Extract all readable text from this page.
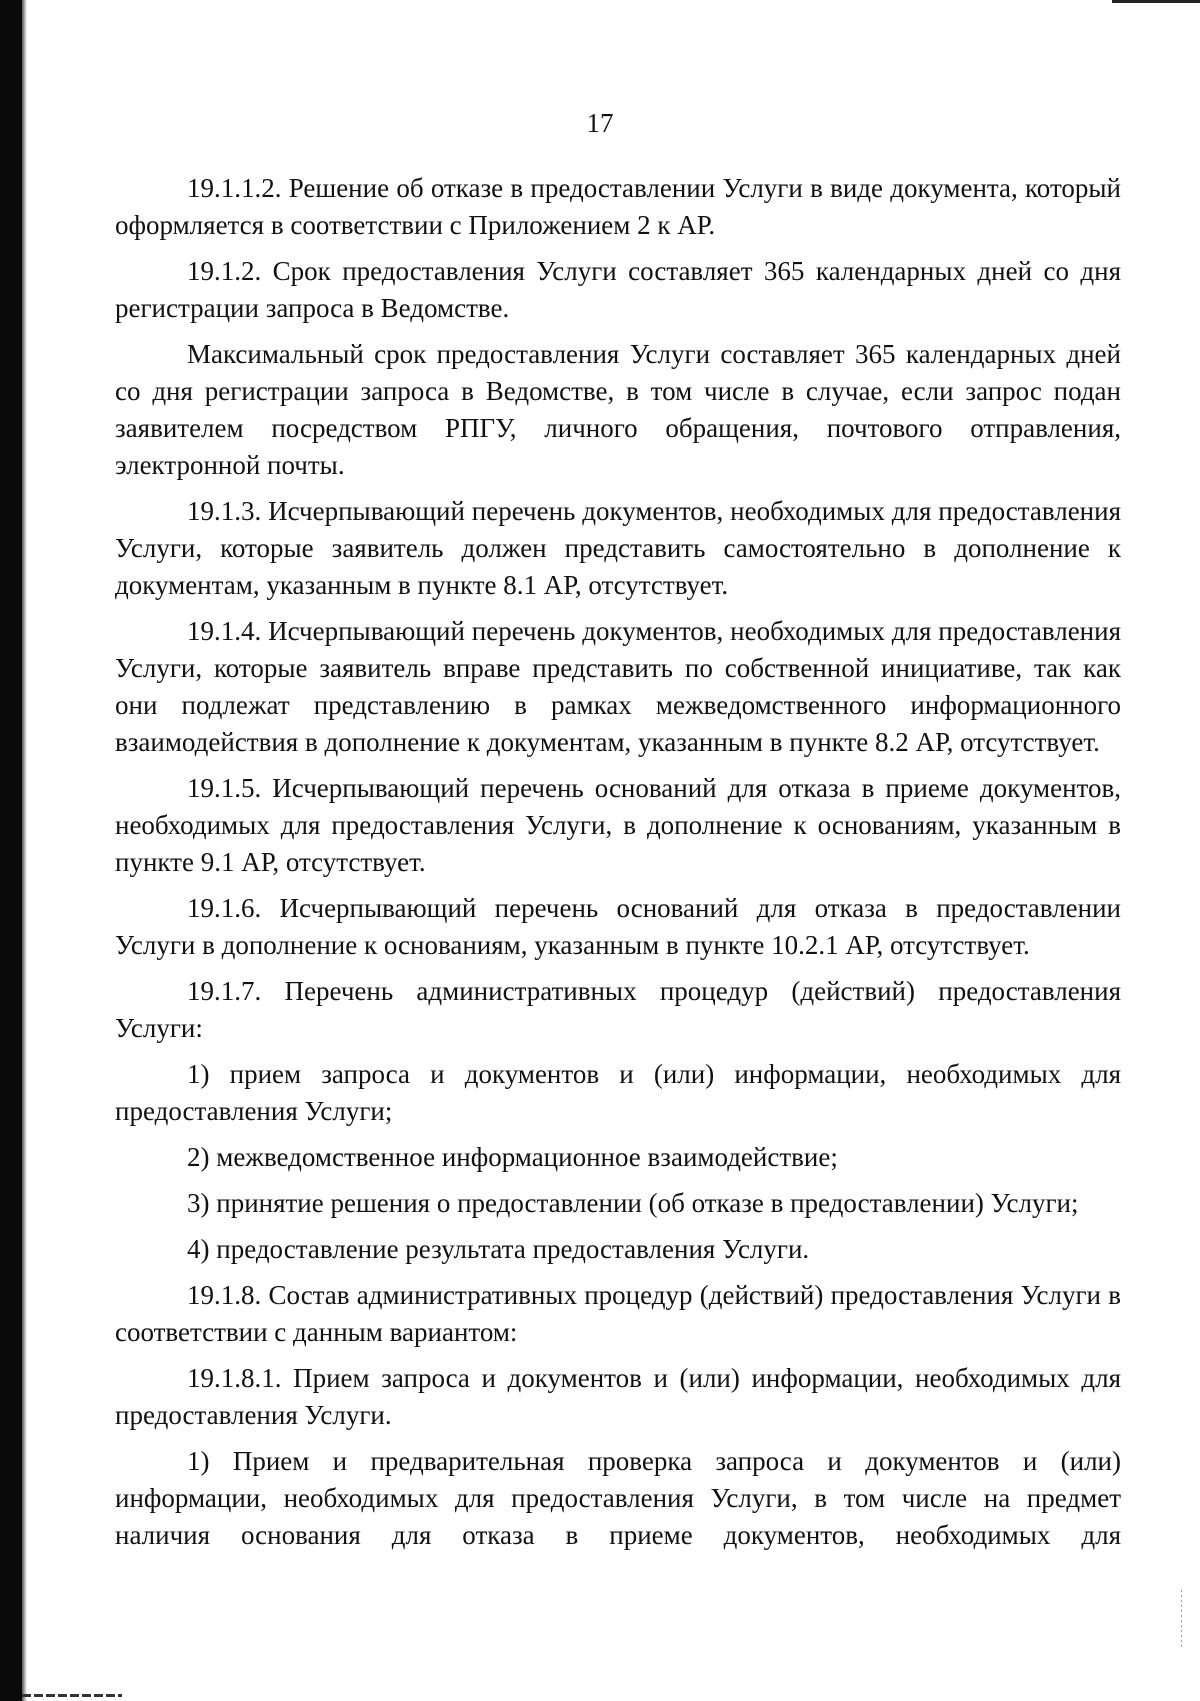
17

19.1.1.2. Решение об отказе в предоставлении Услуги в виде документа, который оформляется в соответствии с Приложением 2 к АР.

19.1.2. Срок предоставления Услуги составляет 365 календарных дней со дня регистрации запроса в Ведомстве.

Максимальный срок предоставления Услуги составляет 365 календарных дней со дня регистрации запроса в Ведомстве, в том числе в случае, если запрос подан заявителем посредством РПГУ, личного обращения, почтового отправления, электронной почты.

19.1.3. Исчерпывающий перечень документов, необходимых для предоставления Услуги, которые заявитель должен представить самостоятельно в дополнение к документам, указанным в пункте 8.1 АР, отсутствует.

19.1.4. Исчерпывающий перечень документов, необходимых для предоставления Услуги, которые заявитель вправе представить по собственной инициативе, так как они подлежат представлению в рамках межведомственного информационного взаимодействия в дополнение к документам, указанным в пункте 8.2 АР, отсутствует.

19.1.5. Исчерпывающий перечень оснований для отказа в приеме документов, необходимых для предоставления Услуги, в дополнение к основаниям, указанным в пункте 9.1 АР, отсутствует.

19.1.6. Исчерпывающий перечень оснований для отказа в предоставлении Услуги в дополнение к основаниям, указанным в пункте 10.2.1 АР, отсутствует.

19.1.7. Перечень административных процедур (действий) предоставления Услуги:

1) прием запроса и документов и (или) информации, необходимых для предоставления Услуги;

2) межведомственное информационное взаимодействие;

3) принятие решения о предоставлении (об отказе в предоставлении) Услуги;

4) предоставление результата предоставления Услуги.

19.1.8. Состав административных процедур (действий) предоставления Услуги в соответствии с данным вариантом:

19.1.8.1. Прием запроса и документов и (или) информации, необходимых для предоставления Услуги.

1) Прием и предварительная проверка запроса и документов и (или) информации, необходимых для предоставления Услуги, в том числе на предмет наличия основания для отказа в приеме документов, необходимых для
